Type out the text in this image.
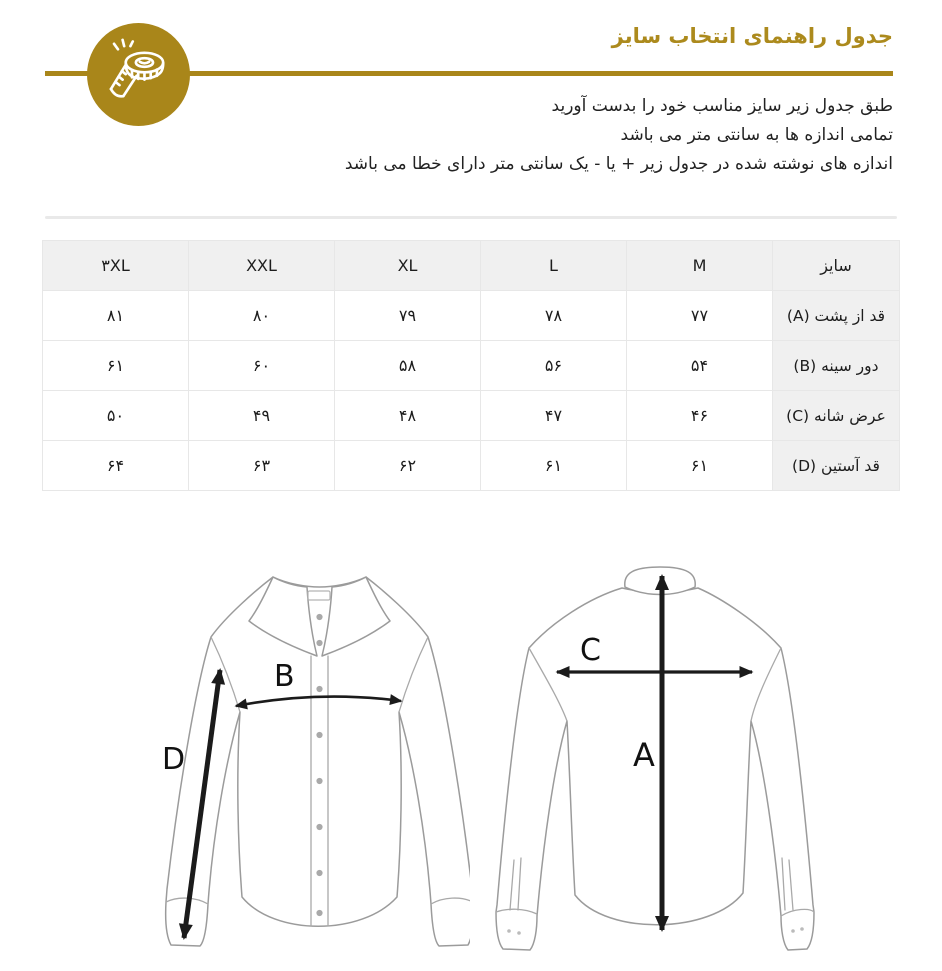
جدول راهنمای انتخاب سایز
طبق جدول زیر سایز مناسب خود را بدست آورید
تمامی اندازه ها به سانتی متر می باشد
اندازه های نوشته شده در جدول زیر + یا - یک سانتی متر دارای خطا می باشد
سایز	M	L	XL	XXL	۳XL
قد از پشت (A)	۷۷	۷۸	۷۹	۸۰	۸۱
دور سینه (B)	۵۴	۵۶	۵۸	۶۰	۶۱
عرض شانه (C)	۴۶	۴۷	۴۸	۴۹	۵۰
قد آستین (D)	۶۱	۶۱	۶۲	۶۳	۶۴
B
D
C
A
